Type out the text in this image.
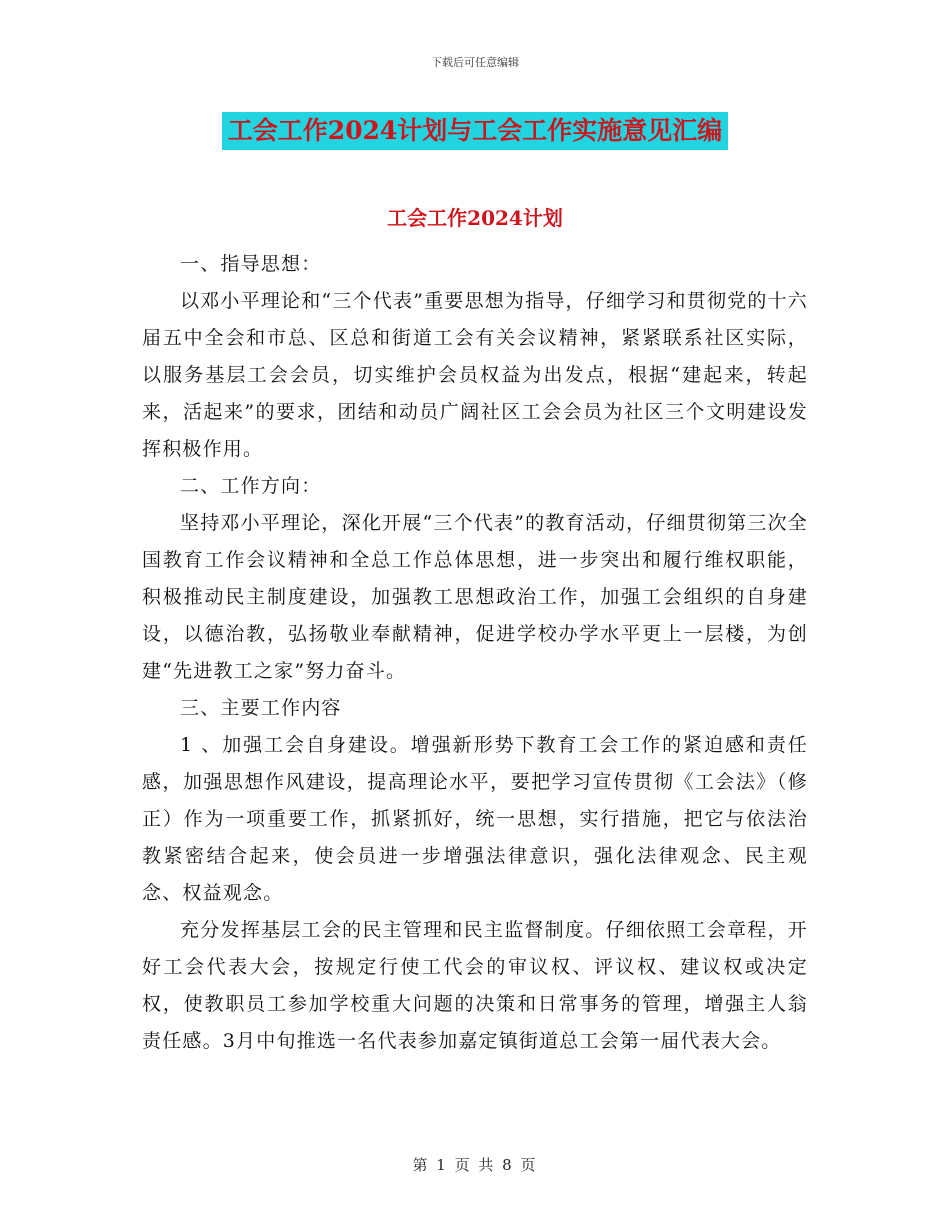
下载后可任意编辑
工会工作2024计划与工会工作实施意见汇编
工会工作2024计划

一、指导思想：

以邓小平理论和“三个代表”重要思想为指导，仔细学习和贯彻党的十六届五中全会和市总、区总和街道工会有关会议精神，紧紧联系社区实际，以服务基层工会会员，切实维护会员权益为出发点，根据“建起来，转起来，活起来”的要求，团结和动员广阔社区工会会员为社区三个文明建设发挥积极作用。

二、工作方向：

坚持邓小平理论，深化开展“三个代表”的教育活动，仔细贯彻第三次全国教育工作会议精神和全总工作总体思想，进一步突出和履行维权职能，积极推动民主制度建设，加强教工思想政治工作，加强工会组织的自身建设，以德治教，弘扬敬业奉献精神，促进学校办学水平更上一层楼，为创建“先进教工之家”努力奋斗。

三、主要工作内容

1 、加强工会自身建设。增强新形势下教育工会工作的紧迫感和责任感，加强思想作风建设，提高理论水平，要把学习宣传贯彻《工会法》（修正）作为一项重要工作，抓紧抓好，统一思想，实行措施，把它与依法治教紧密结合起来，使会员进一步增强法律意识，强化法律观念、民主观念、权益观念。

充分发挥基层工会的民主管理和民主监督制度。仔细依照工会章程，开好工会代表大会，按规定行使工代会的审议权、评议权、建议权或决定权，使教职员工参加学校重大问题的决策和日常事务的管理，增强主人翁责任感。3月中旬推选一名代表参加嘉定镇街道总工会第一届代表大会。

第 1 页 共 8 页
